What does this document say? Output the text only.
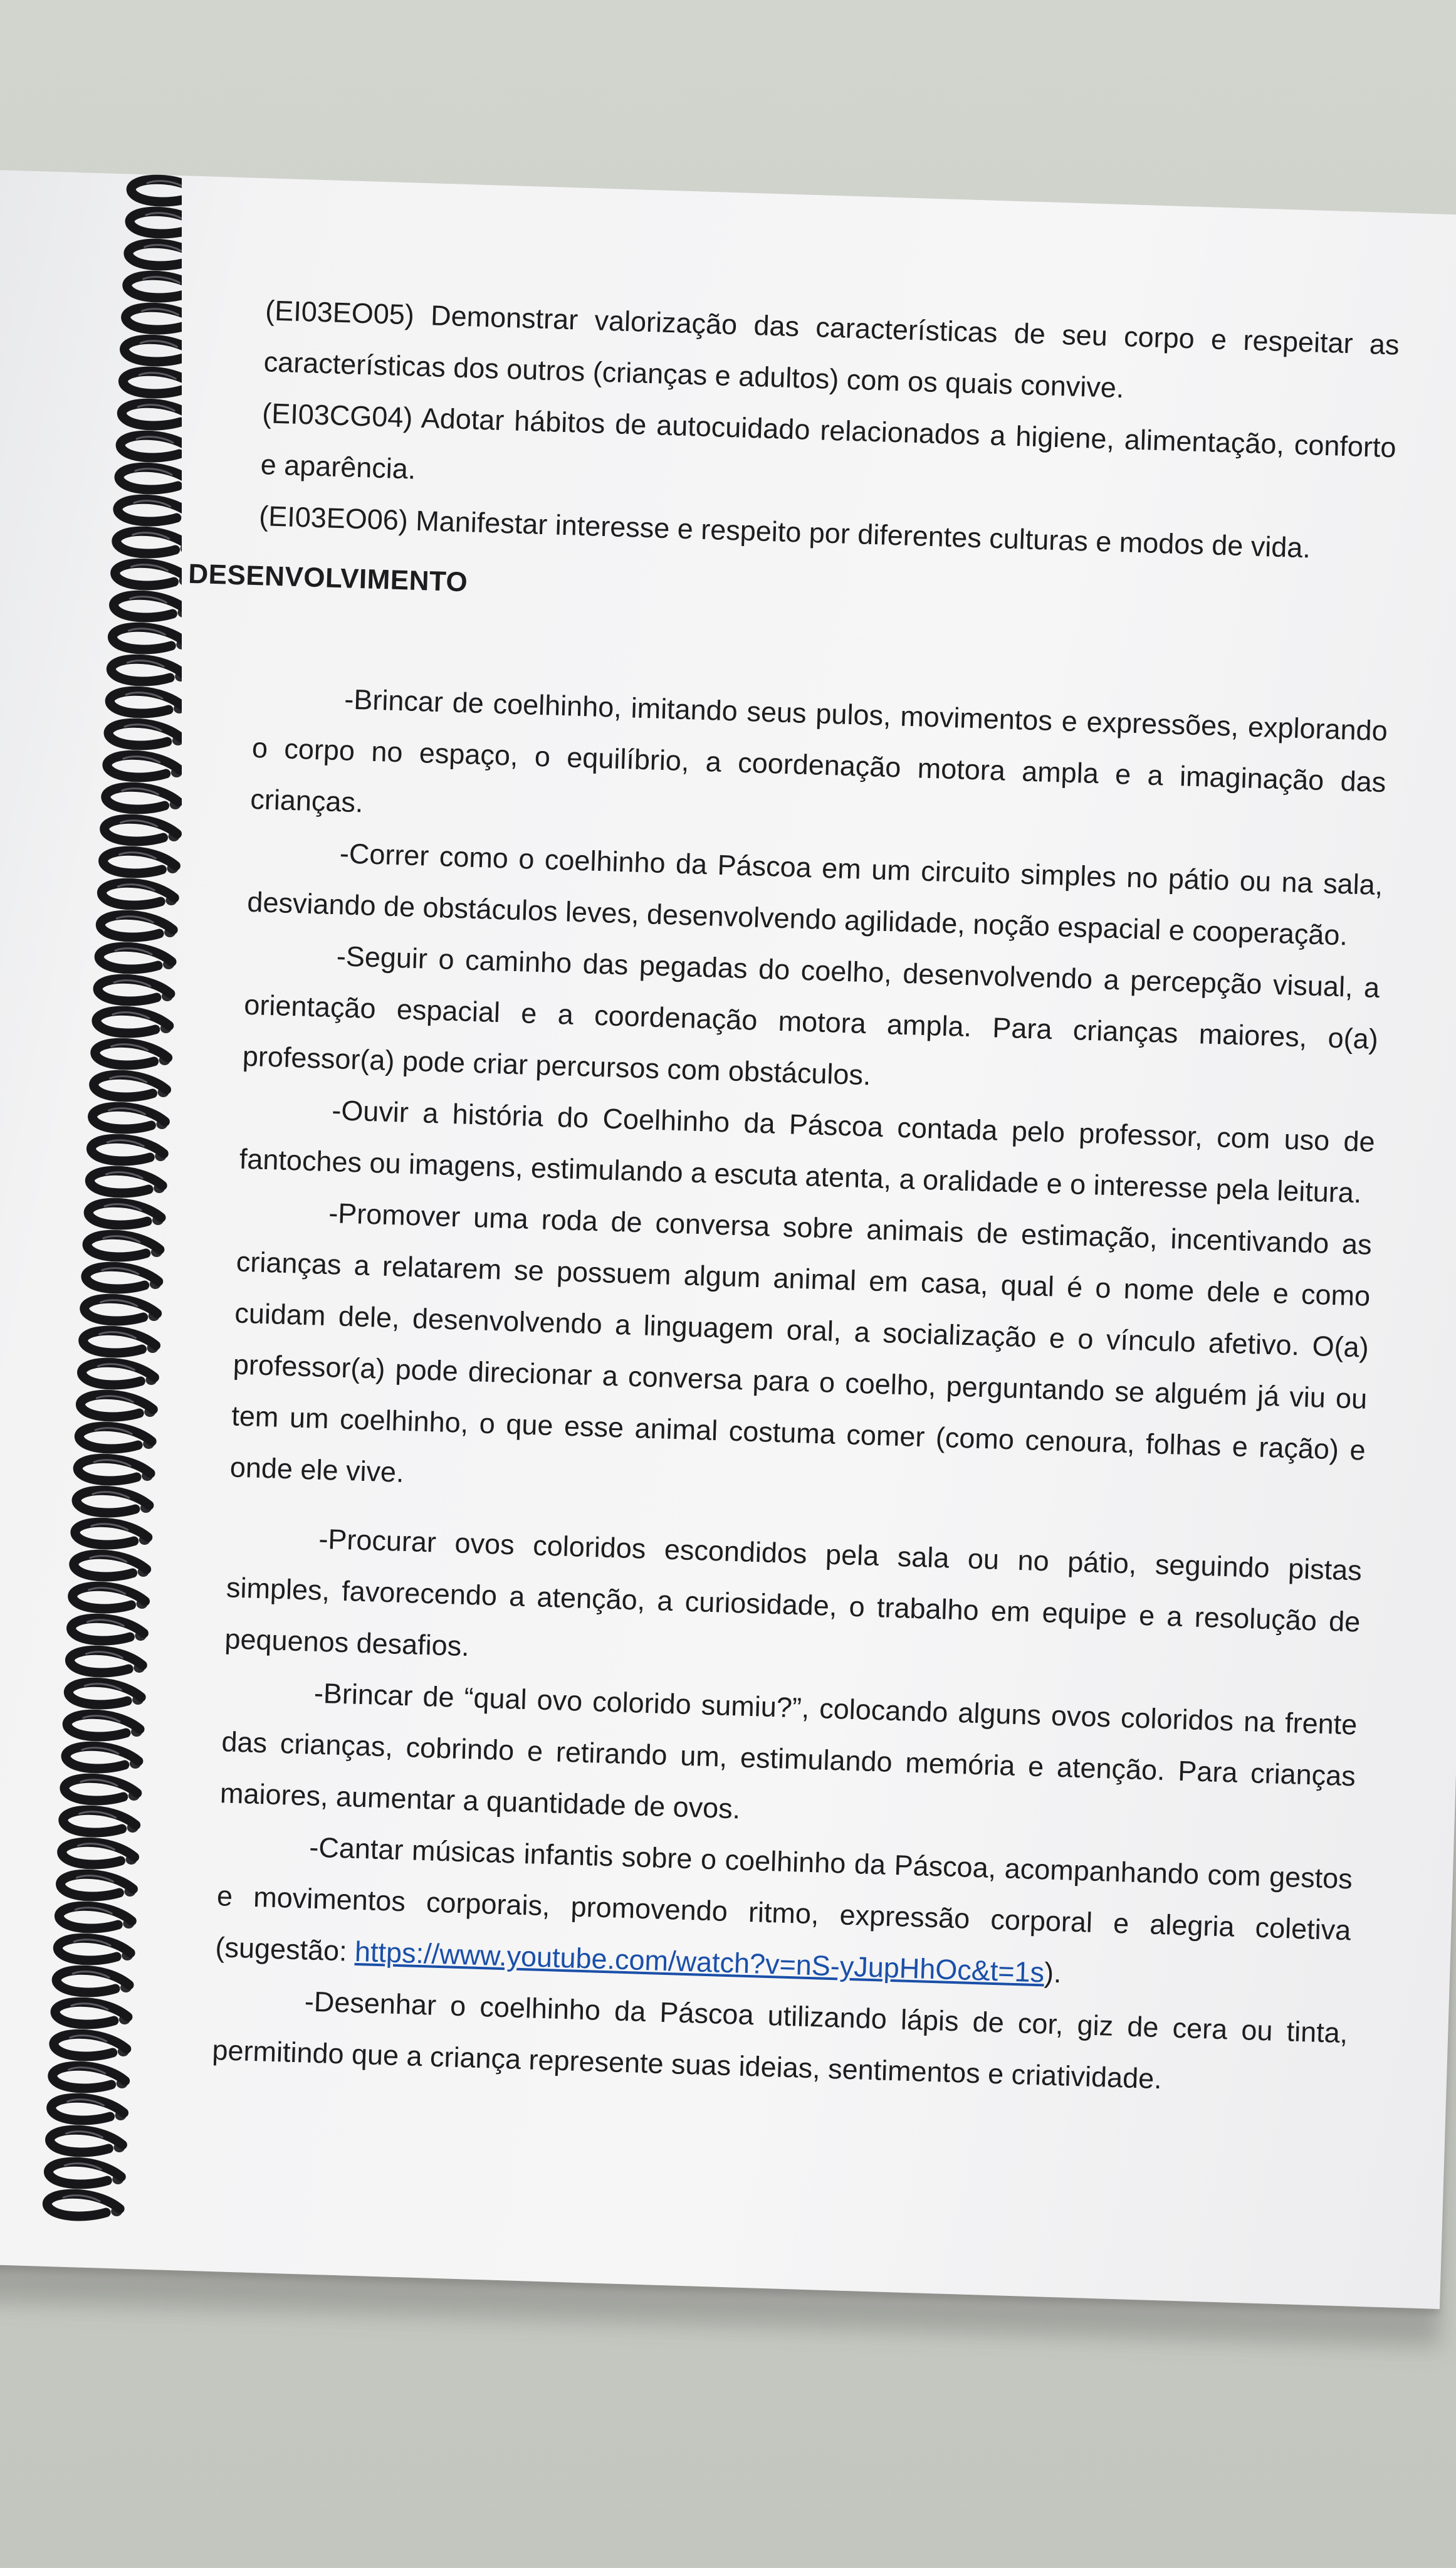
(EI03EO05) Demonstrar valorização das características de seu corpo e respeitar as características dos outros (crianças e adultos) com os quais convive.

(EI03CG04) Adotar hábitos de autocuidado relacionados a higiene, alimentação, conforto e aparência.

(EI03EO06) Manifestar interesse e respeito por diferentes culturas e modos de vida.

DESENVOLVIMENTO

-Brincar de coelhinho, imitando seus pulos, movimentos e expressões, explorando o corpo no espaço, o equilíbrio, a coordenação motora ampla e a imaginação das crianças.

-Correr como o coelhinho da Páscoa em um circuito simples no pátio ou na sala, desviando de obstáculos leves, desenvolvendo agilidade, noção espacial e cooperação.

-Seguir o caminho das pegadas do coelho, desenvolvendo a percepção visual, a orientação espacial e a coordenação motora ampla. Para crianças maiores, o(a) professor(a) pode criar percursos com obstáculos.

-Ouvir a história do Coelhinho da Páscoa contada pelo professor, com uso de fantoches ou imagens, estimulando a escuta atenta, a oralidade e o interesse pela leitura.

-Promover uma roda de conversa sobre animais de estimação, incentivando as crianças a relatarem se possuem algum animal em casa, qual é o nome dele e como cuidam dele, desenvolvendo a linguagem oral, a socialização e o vínculo afetivo. O(a) professor(a) pode direcionar a conversa para o coelho, perguntando se alguém já viu ou tem um coelhinho, o que esse animal costuma comer (como cenoura, folhas e ração) e onde ele vive.

-Procurar ovos coloridos escondidos pela sala ou no pátio, seguindo pistas simples, favorecendo a atenção, a curiosidade, o trabalho em equipe e a resolução de pequenos desafios.

-Brincar de “qual ovo colorido sumiu?”, colocando alguns ovos coloridos na frente das crianças, cobrindo e retirando um, estimulando memória e atenção. Para crianças maiores, aumentar a quantidade de ovos.

-Cantar músicas infantis sobre o coelhinho da Páscoa, acompanhando com gestos e movimentos corporais, promovendo ritmo, expressão corporal e alegria coletiva (sugestão: https://www.youtube.com/watch?v=nS-yJupHhOc&t=1s).

-Desenhar o coelhinho da Páscoa utilizando lápis de cor, giz de cera ou tinta, permitindo que a criança represente suas ideias, sentimentos e criatividade.
